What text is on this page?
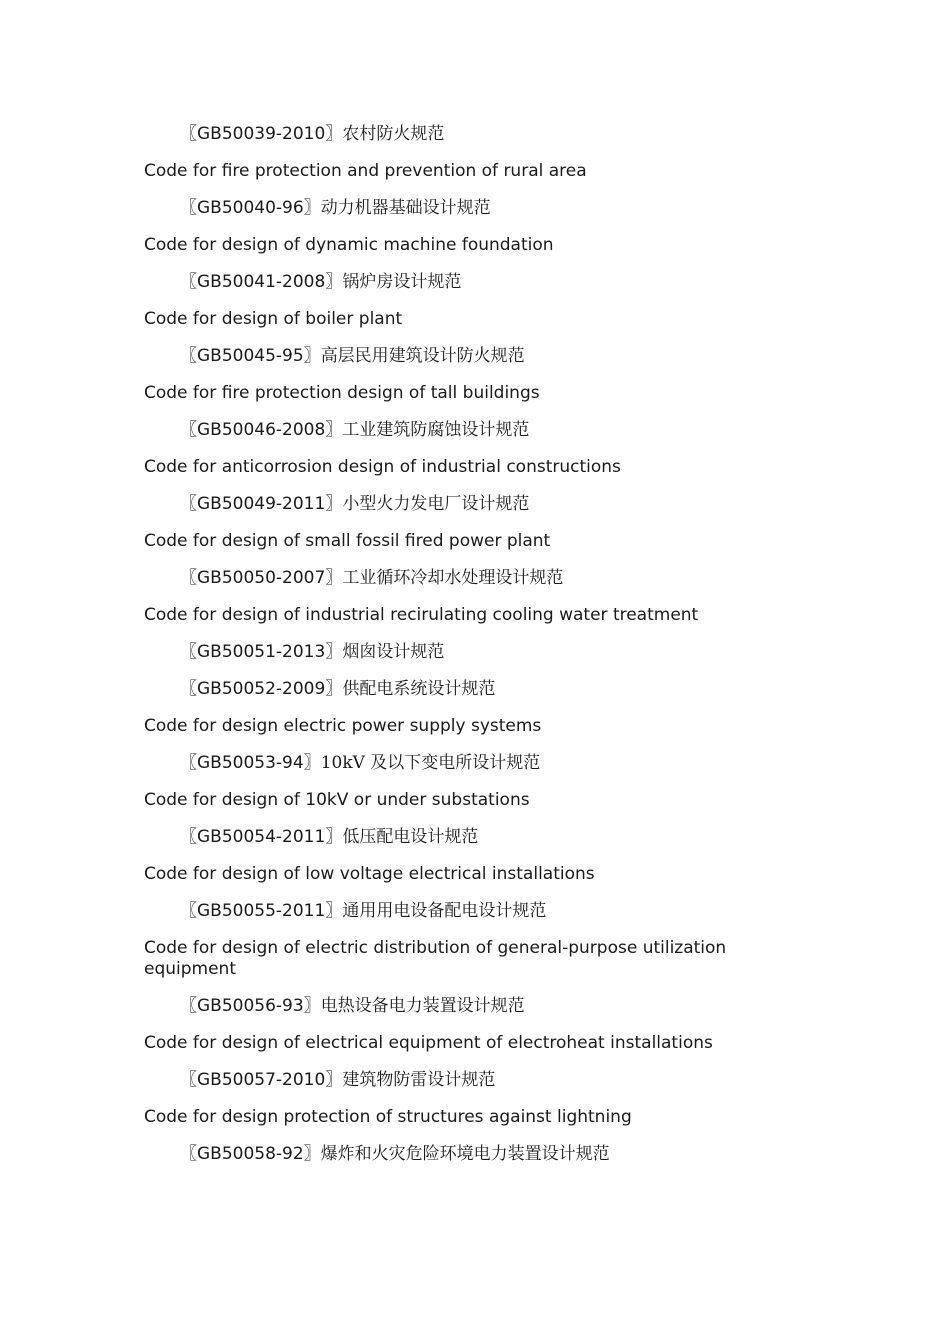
〖GB50039-2010〗农村防火规范
Code for fire protection and prevention of rural area
〖GB50040-96〗动力机器基础设计规范
Code for design of dynamic machine foundation
〖GB50041-2008〗锅炉房设计规范
Code for design of boiler plant
〖GB50045-95〗高层民用建筑设计防火规范
Code for fire protection design of tall buildings
〖GB50046-2008〗工业建筑防腐蚀设计规范
Code for anticorrosion design of industrial constructions
〖GB50049-2011〗小型火力发电厂设计规范
Code for design of small fossil fired power plant
〖GB50050-2007〗工业循环冷却水处理设计规范
Code for design of industrial recirulating cooling water treatment
〖GB50051-2013〗烟囱设计规范
〖GB50052-2009〗供配电系统设计规范
Code for design electric power supply systems
〖GB50053-94〗10kV 及以下变电所设计规范
Code for design of 10kV or under substations
〖GB50054-2011〗低压配电设计规范
Code for design of low voltage electrical installations
〖GB50055-2011〗通用用电设备配电设计规范
Code for design of electric distribution of general-purpose utilization equipment
〖GB50056-93〗电热设备电力装置设计规范
Code for design of electrical equipment of electroheat installations
〖GB50057-2010〗建筑物防雷设计规范
Code for design protection of structures against lightning
〖GB50058-92〗爆炸和火灾危险环境电力装置设计规范
